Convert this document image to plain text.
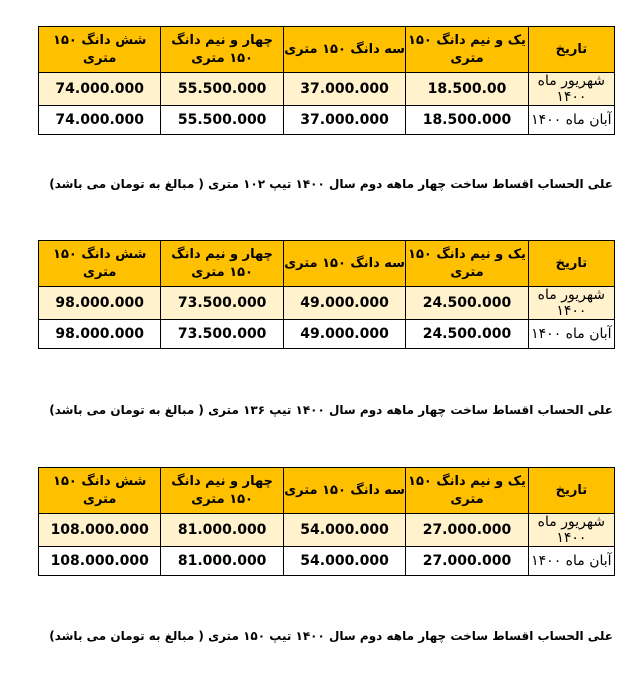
تاریخ	یک و نیم دانگ ۱۵۰ متری	سه دانگ ۱۵۰ متری	چهار و نیم دانگ ۱۵۰ متری	شش دانگ ۱۵۰ متری
شهریور ماه ۱۴۰۰	18.500.00	37.000.000	55.500.000	74.000.000
آبان ماه ۱۴۰۰	18.500.000	37.000.000	55.500.000	74.000.000
علی الحساب اقساط ساخت چهار ماهه دوم سال ۱۴۰۰ تیپ ۱۰۲ متری ( مبالغ به تومان می باشد)
تاریخ	یک و نیم دانگ ۱۵۰ متری	سه دانگ ۱۵۰ متری	چهار و نیم دانگ ۱۵۰ متری	شش دانگ ۱۵۰ متری
شهریور ماه ۱۴۰۰	24.500.000	49.000.000	73.500.000	98.000.000
آبان ماه ۱۴۰۰	24.500.000	49.000.000	73.500.000	98.000.000
علی الحساب اقساط ساخت چهار ماهه دوم سال ۱۴۰۰ تیپ ۱۳۶ متری ( مبالغ به تومان می باشد)
تاریخ	یک و نیم دانگ ۱۵۰ متری	سه دانگ ۱۵۰ متری	چهار و نیم دانگ ۱۵۰ متری	شش دانگ ۱۵۰ متری
شهریور ماه ۱۴۰۰	27.000.000	54.000.000	81.000.000	108.000.000
آبان ماه ۱۴۰۰	27.000.000	54.000.000	81.000.000	108.000.000
علی الحساب اقساط ساخت چهار ماهه دوم سال ۱۴۰۰ تیپ ۱۵۰ متری ( مبالغ به تومان می باشد)
